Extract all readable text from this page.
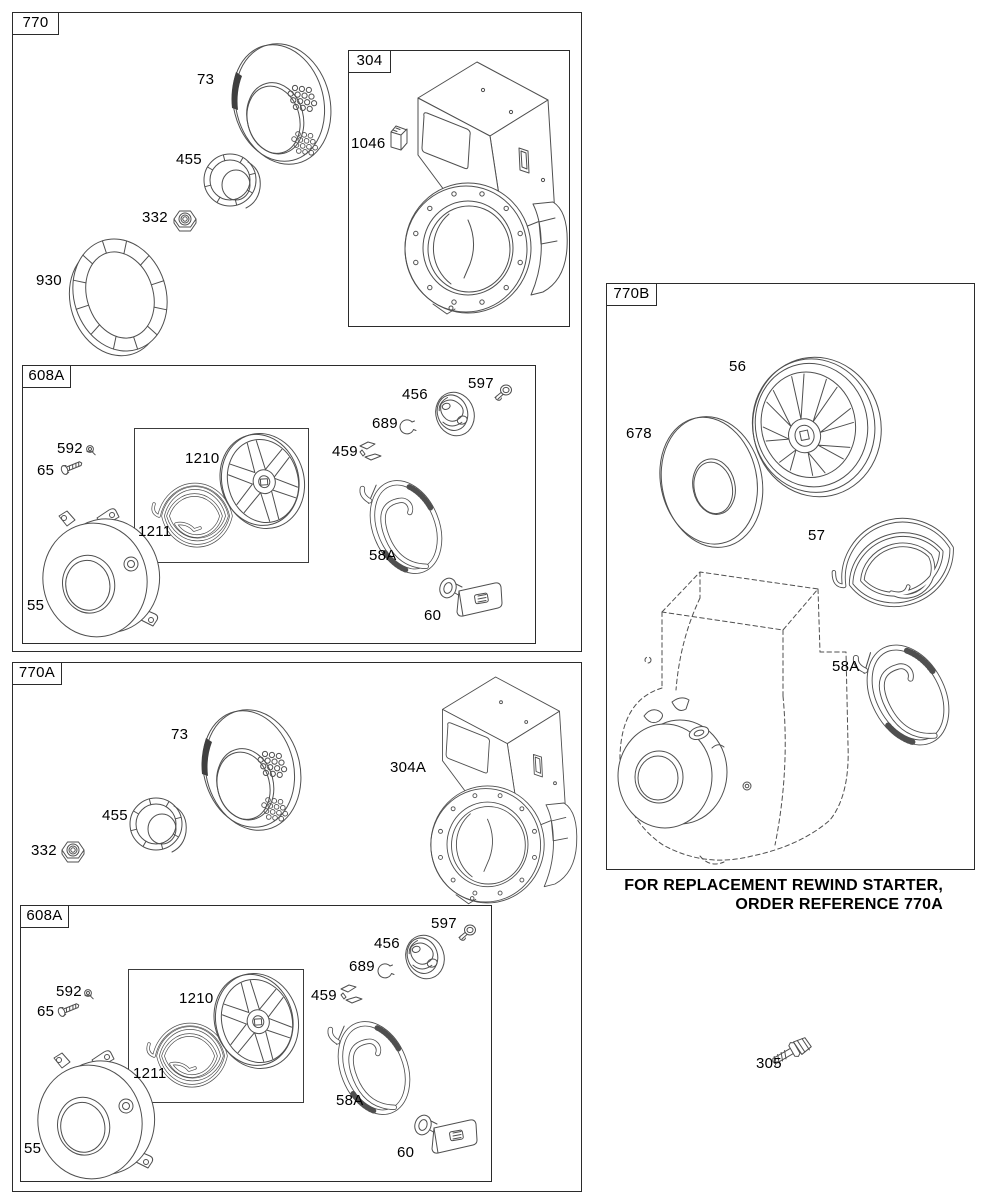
770
304
608A
770A
608A
770B
73
455
332
930
1046
592
65
1210
1211
55
456
597
689
459
58A
60
73
455
332
304A
592
65
1210
1211
55
456
597
689
459
58A
60
56
678
57
58A
305
FOR REPLACEMENT REWIND STARTER,
ORDER REFERENCE 770A
